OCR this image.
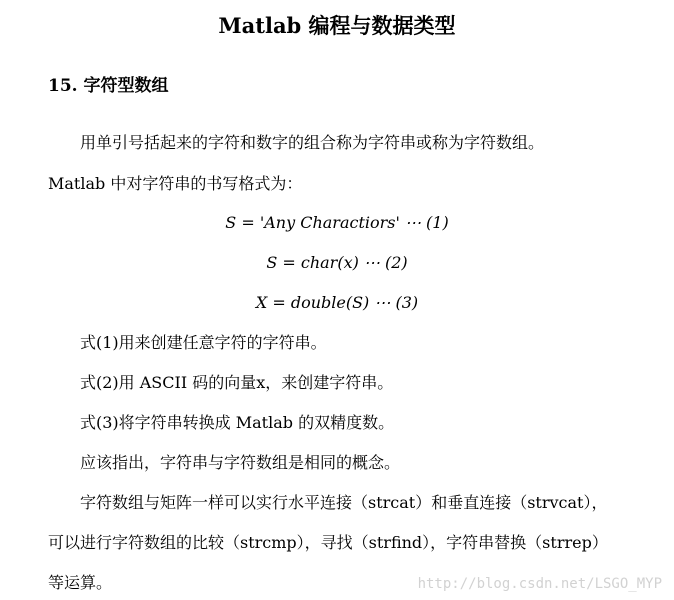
Matlab 编程与数据类型
15. 字符型数组
用单引号括起来的字符和数字的组合称为字符串或称为字符数组。
Matlab 中对字符串的书写格式为：
S = 'Any Charactiors' ⋯ (1)
S = char(x) ⋯ (2)
X = double(S) ⋯ (3)
式(1)用来创建任意字符的字符串。
式(2)用 ASCII 码的向量x，来创建字符串。
式(3)将字符串转换成 Matlab 的双精度数。
应该指出，字符串与字符数组是相同的概念。
字符数组与矩阵一样可以实行水平连接（strcat）和垂直连接（strvcat），
可以进行字符数组的比较（strcmp），寻找（strfind），字符串替换（strrep）
等运算。	http://blog.csdn.net/LSGO_MYP
